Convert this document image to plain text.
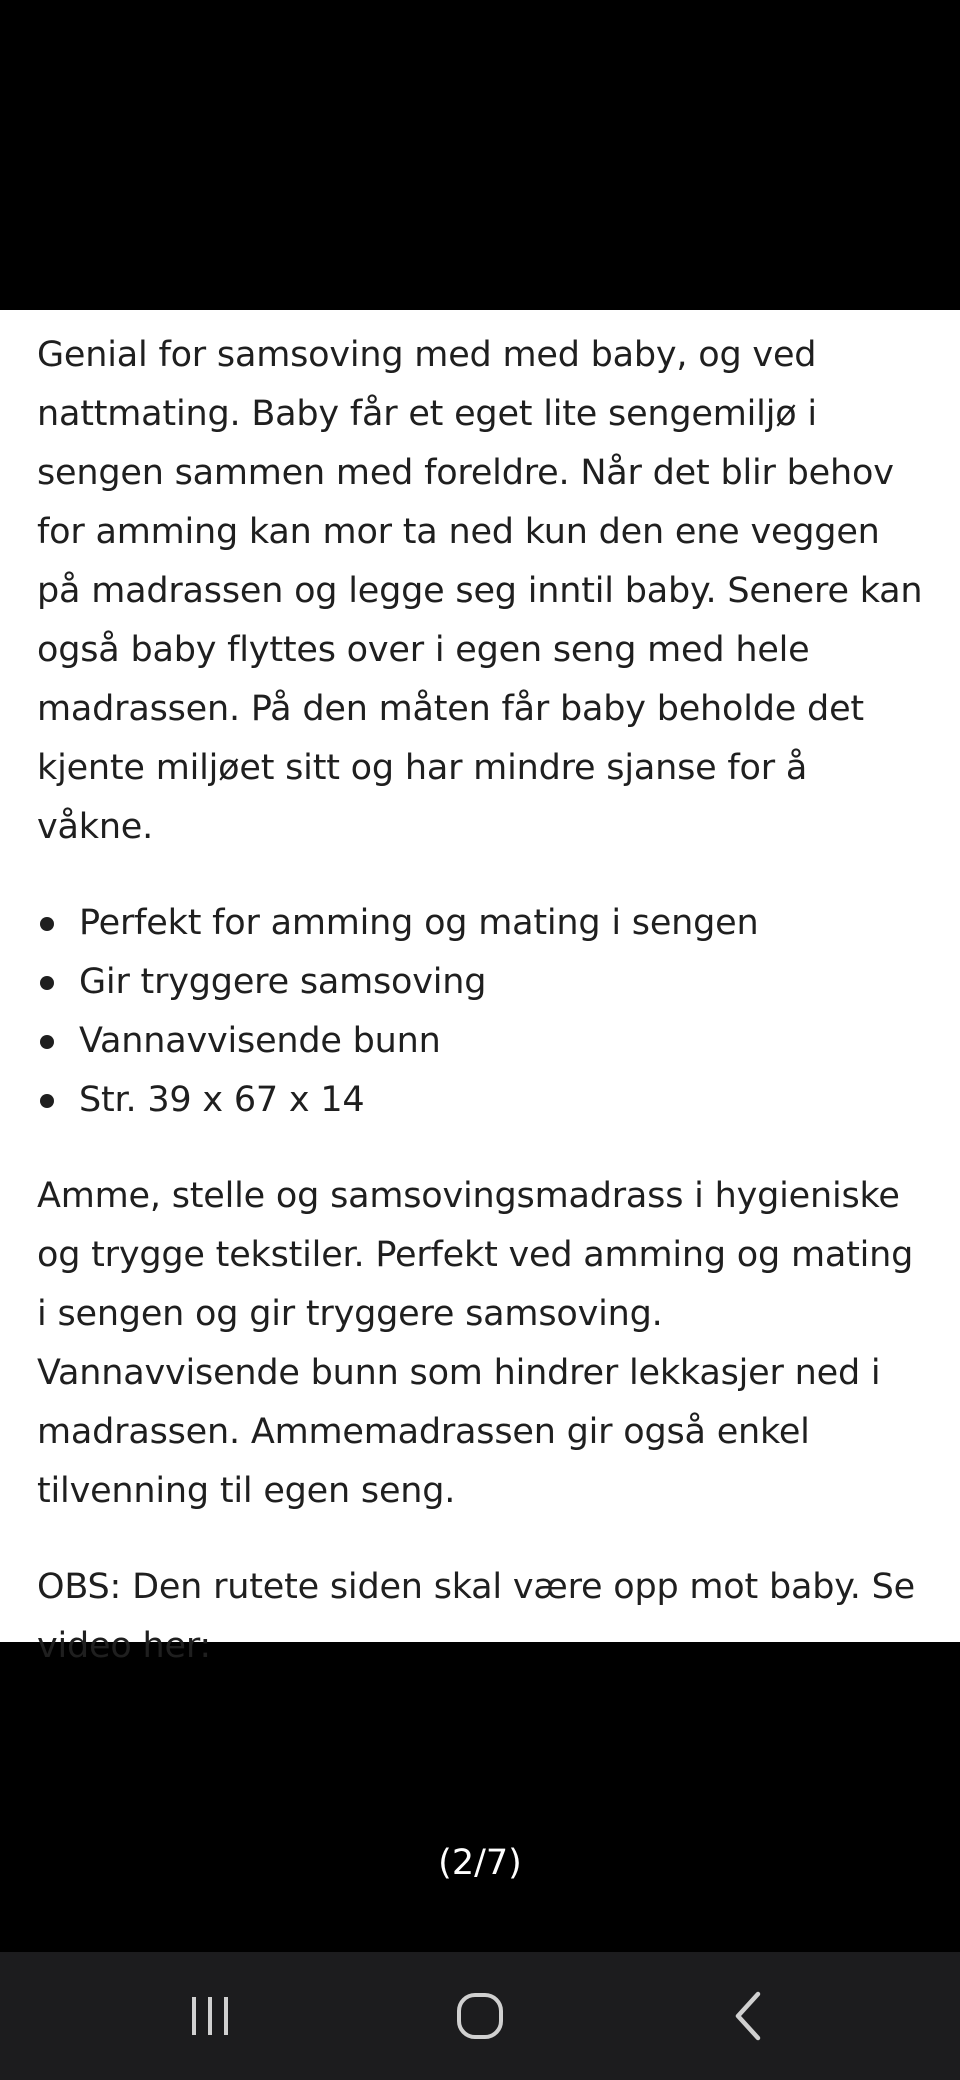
Genial for samsoving med med baby, og ved nattmating. Baby får et eget lite sengemiljø i sengen sammen med foreldre. Når det blir behov for amming kan mor ta ned kun den ene veggen på madrassen og legge seg inntil baby. Senere kan også baby flyttes over i egen seng med hele madrassen. På den måten får baby beholde det kjente miljøet sitt og har mindre sjanse for å våkne.

Perfekt for amming og mating i sengen
Gir tryggere samsoving
Vannavvisende bunn
Str. 39 x 67 x 14

Amme, stelle og samsovingsmadrass i hygieniske og trygge tekstiler. Perfekt ved amming og mating i sengen og gir tryggere samsoving. Vannavvisende bunn som hindrer lekkasjer ned i madrassen. Ammemadrassen gir også enkel tilvenning til egen seng.

OBS: Den rutete siden skal være opp mot baby. Se video her:

(2/7)
